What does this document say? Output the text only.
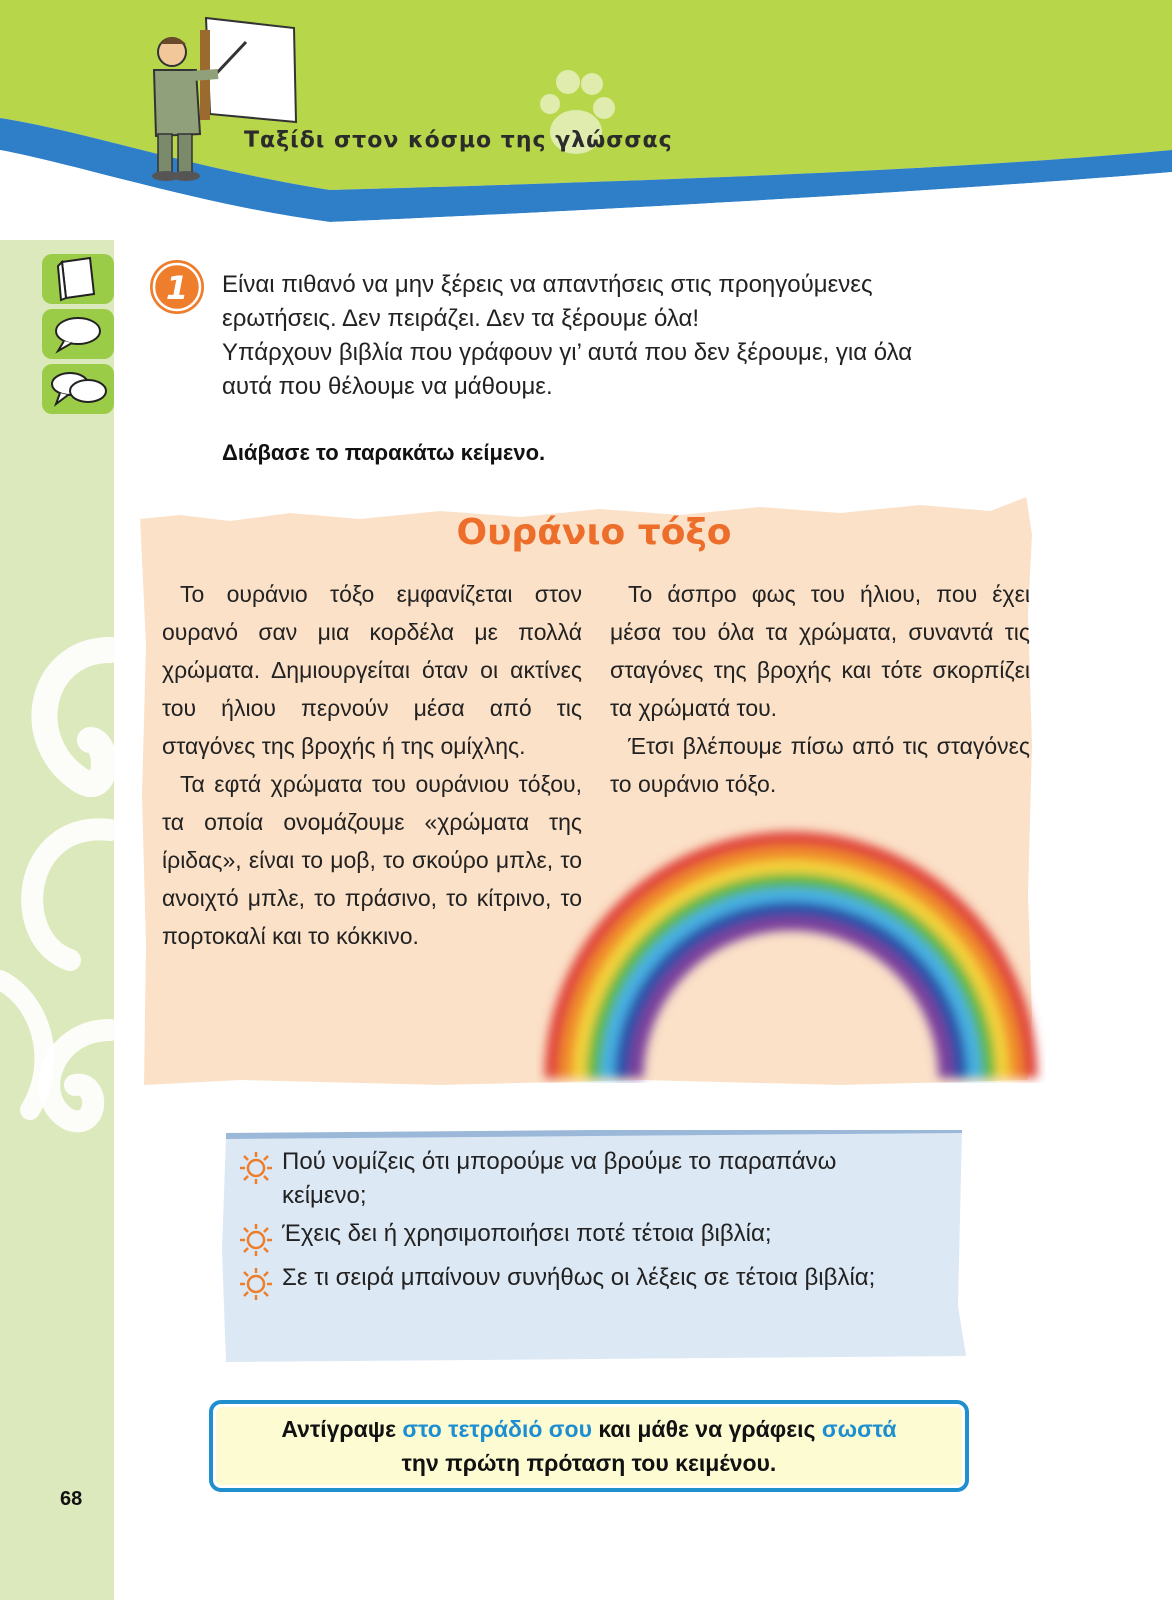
Ταξίδι στον κόσμο της γλώσσας
1 Είναι πιθανό να μην ξέρεις να απαντήσεις στις προηγούμενες
ερωτήσεις. Δεν πειράζει. Δεν τα ξέρουμε όλα!
Υπάρχουν βιβλία που γράφουν γι’ αυτά που δεν ξέρουμε, για όλα
αυτά που θέλουμε να μάθουμε.
Διάβασε το παρακάτω κείμενο.
Ουράνιο τόξο

Το ουράνιο τόξο εμφανίζεται στον ουρανό σαν μια κορδέλα με πολλά χρώματα. Δημιουργείται όταν οι ακτίνες του ήλιου περνούν μέσα από τις σταγόνες της βροχής ή της ομίχλης.

Τα εφτά χρώματα του ουράνιου τόξου, τα οποία ονομάζουμε «χρώματα της ίριδας», είναι το μοβ, το σκούρο μπλε, το ανοιχτό μπλε, το πράσινο, το κίτρινο, το πορτοκαλί και το κόκκινο.

Το άσπρο φως του ήλιου, που έχει μέσα του όλα τα χρώματα, συναντά τις σταγόνες της βροχής και τότε σκορπίζει τα χρώματά του.

Έτσι βλέπουμε πίσω από τις σταγόνες το ουράνιο τόξο.

Πού νομίζεις ότι μπορούμε να βρούμε το παραπάνω
κείμενο;
Έχεις δει ή χρησιμοποιήσει ποτέ τέτοια βιβλία;
Σε τι σειρά μπαίνουν συνήθως οι λέξεις σε τέτοια βιβλία;
Αντίγραψε στο τετράδιό σου και μάθε να γράφεις σωστά
την πρώτη πρόταση του κειμένου.
68
